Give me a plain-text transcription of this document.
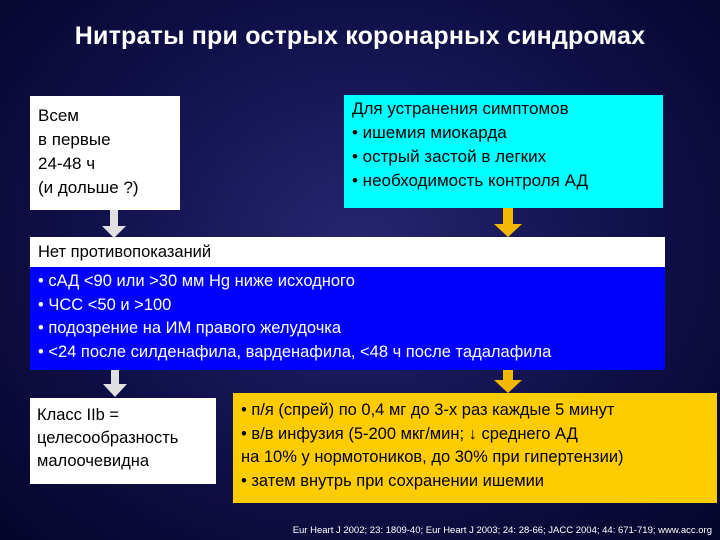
Нитраты при острых коронарных синдромах
Всем
в первые
24-48 ч
(и дольше ?)
Для устранения симптомов
• ишемия миокарда
• острый застой в легких
• необходимость контроля АД
Нет противопоказаний
• сАД <90 или >30 мм Hg ниже исходного
• ЧСС <50 и >100
• подозрение на ИМ правого желудочка
• <24 после силденафила, варденафила, <48 ч после тадалафила
Класс IIb =
целесообразность
малоочевидна
• п/я (спрей) по 0,4 мг до 3-х раз каждые 5 минут
• в/в инфузия (5-200 мкг/мин; ↓ среднего АД
на 10% у нормотоников, до 30% при гипертензии)
• затем внутрь при сохранении ишемии
Eur Heart J 2002; 23: 1809-40; Eur Heart J 2003; 24: 28-66; JACC 2004; 44: 671-719; www.acc.org
